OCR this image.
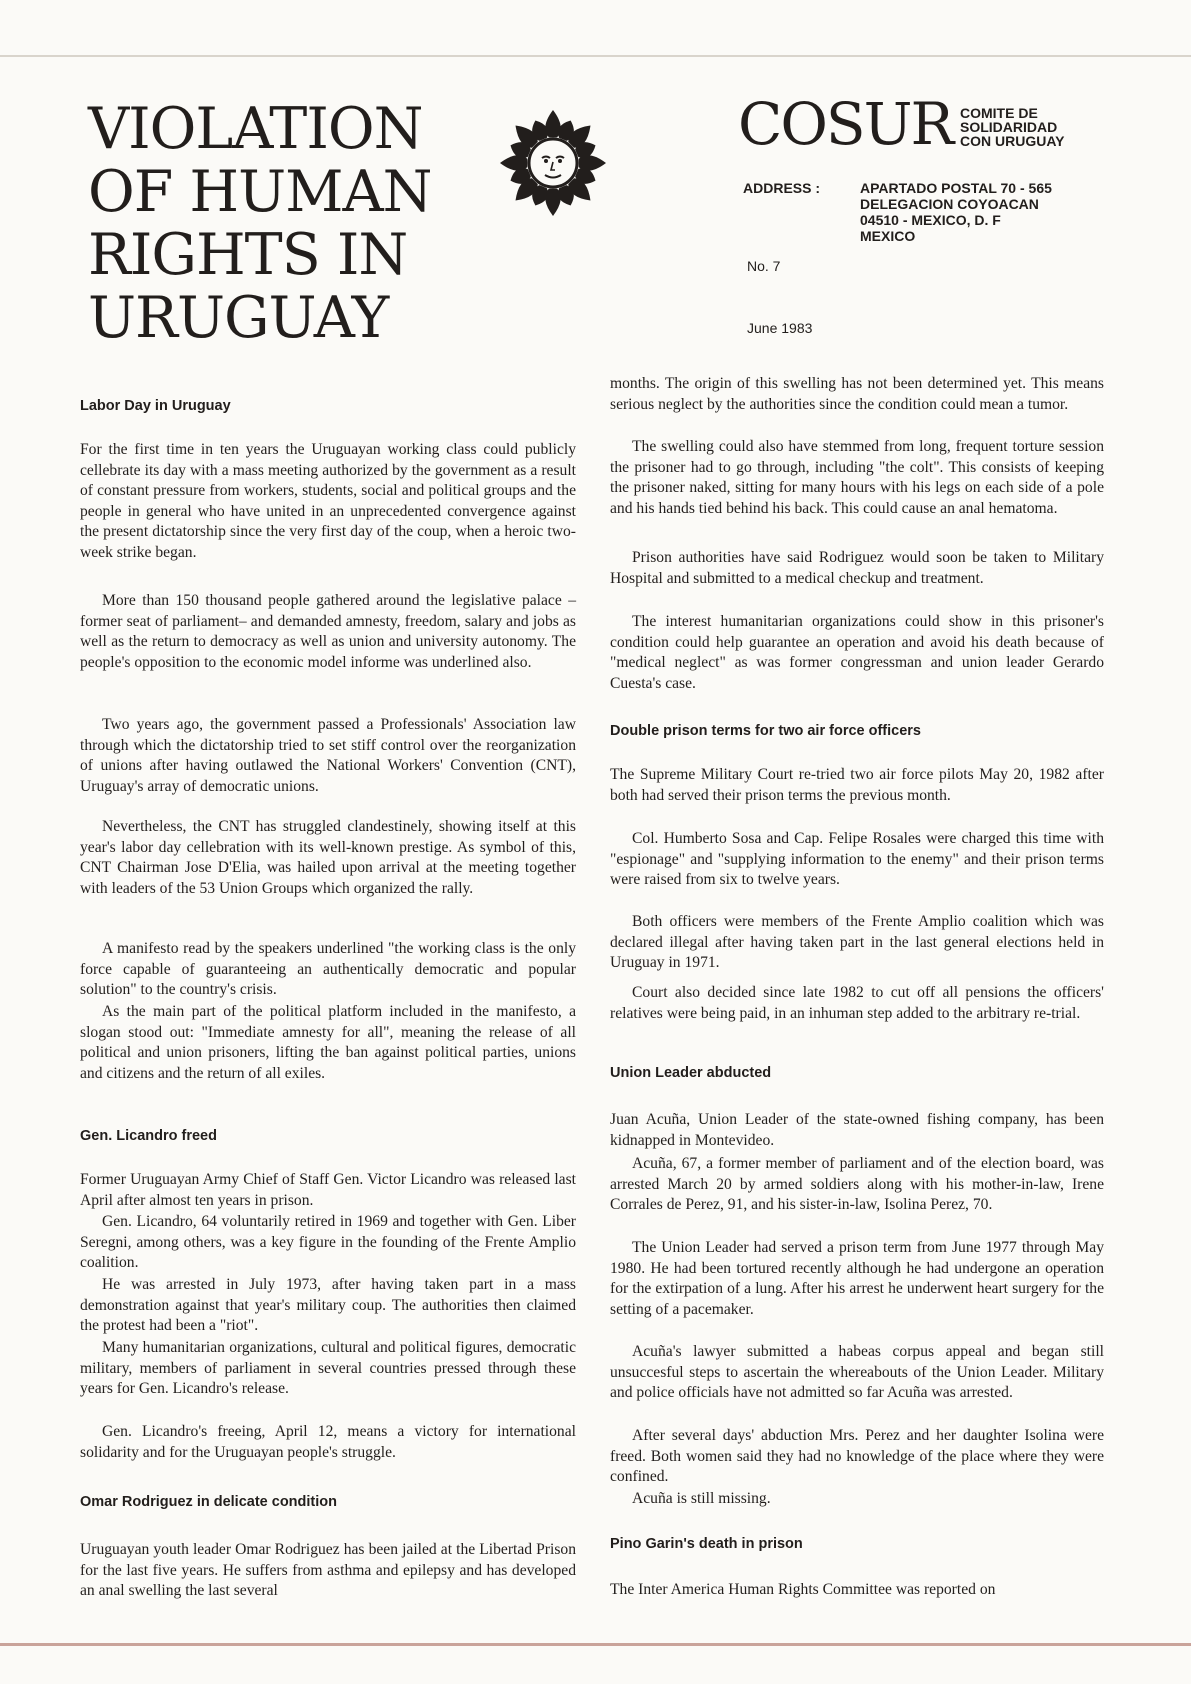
VIOLATION
OF HUMAN
RIGHTS IN
URUGUAY
COSUR COMITE DE
SOLIDARIDAD
CON URUGUAY
ADDRESS :	APARTADO POSTAL 70 - 565
DELEGACION COYOACAN
04510 - MEXICO, D. F
MEXICO
No. 7
June 1983
Labor Day in Uruguay

For the first time in ten years the Uruguayan working class could publicly cellebrate its day with a mass meeting authorized by the government as a result of constant pressure from workers, students, social and political groups and the people in general who have united in an unprecedented convergence against the present dictatorship since the very first day of the coup, when a heroic two-week strike began.

More than 150 thousand people gathered around the legislative palace –former seat of parliament– and demanded amnesty, freedom, salary and jobs as well as the return to democracy as well as union and university autonomy. The people's opposition to the economic model informe was underlined also.

Two years ago, the government passed a Professionals' Association law through which the dictatorship tried to set stiff control over the reorganization of unions after having outlawed the National Workers' Convention (CNT), Uruguay's array of democratic unions.

Nevertheless, the CNT has struggled clandestinely, showing itself at this year's labor day cellebration with its well-known prestige. As symbol of this, CNT Chairman Jose D'Elia, was hailed upon arrival at the meeting together with leaders of the 53 Union Groups which organized the rally.

A manifesto read by the speakers underlined "the working class is the only force capable of guaranteeing an authentically democratic and popular solution" to the country's crisis.

As the main part of the political platform included in the manifesto, a slogan stood out: "Immediate amnesty for all", meaning the release of all political and union prisoners, lifting the ban against political parties, unions and citizens and the return of all exiles.

Gen. Licandro freed

Former Uruguayan Army Chief of Staff Gen. Victor Licandro was released last April after almost ten years in prison.

Gen. Licandro, 64 voluntarily retired in 1969 and together with Gen. Liber Seregni, among others, was a key figure in the founding of the Frente Amplio coalition.

He was arrested in July 1973, after having taken part in a mass demonstration against that year's military coup. The authorities then claimed the protest had been a "riot".

Many humanitarian organizations, cultural and political figures, democratic military, members of parliament in several countries pressed through these years for Gen. Licandro's release.

Gen. Licandro's freeing, April 12, means a victory for international solidarity and for the Uruguayan people's struggle.

Omar Rodriguez in delicate condition

Uruguayan youth leader Omar Rodriguez has been jailed at the Libertad Prison for the last five years. He suffers from asthma and epilepsy and has developed an anal swelling the last several

months. The origin of this swelling has not been determined yet. This means serious neglect by the authorities since the condition could mean a tumor.

The swelling could also have stemmed from long, frequent torture session the prisoner had to go through, including "the colt". This consists of keeping the prisoner naked, sitting for many hours with his legs on each side of a pole and his hands tied behind his back. This could cause an anal hematoma.

Prison authorities have said Rodriguez would soon be taken to Military Hospital and submitted to a medical checkup and treatment.

The interest humanitarian organizations could show in this prisoner's condition could help guarantee an operation and avoid his death because of "medical neglect" as was former congressman and union leader Gerardo Cuesta's case.

Double prison terms for two air force officers

The Supreme Military Court re-tried two air force pilots May 20, 1982 after both had served their prison terms the previous month.

Col. Humberto Sosa and Cap. Felipe Rosales were charged this time with "espionage" and "supplying information to the enemy" and their prison terms were raised from six to twelve years.

Both officers were members of the Frente Amplio coalition which was declared illegal after having taken part in the last general elections held in Uruguay in 1971.

Court also decided since late 1982 to cut off all pensions the officers' relatives were being paid, in an inhuman step added to the arbitrary re-trial.

Union Leader abducted

Juan Acuña, Union Leader of the state-owned fishing company, has been kidnapped in Montevideo.

Acuña, 67, a former member of parliament and of the election board, was arrested March 20 by armed soldiers along with his mother-in-law, Irene Corrales de Perez, 91, and his sister-in-law, Isolina Perez, 70.

The Union Leader had served a prison term from June 1977 through May 1980. He had been tortured recently although he had undergone an operation for the extirpation of a lung. After his arrest he underwent heart surgery for the setting of a pacemaker.

Acuña's lawyer submitted a habeas corpus appeal and began still unsuccesful steps to ascertain the whereabouts of the Union Leader. Military and police officials have not admitted so far Acuña was arrested.

After several days' abduction Mrs. Perez and her daughter Isolina were freed. Both women said they had no knowledge of the place where they were confined.

Acuña is still missing.

Pino Garin's death in prison

The Inter America Human Rights Committee was reported on
